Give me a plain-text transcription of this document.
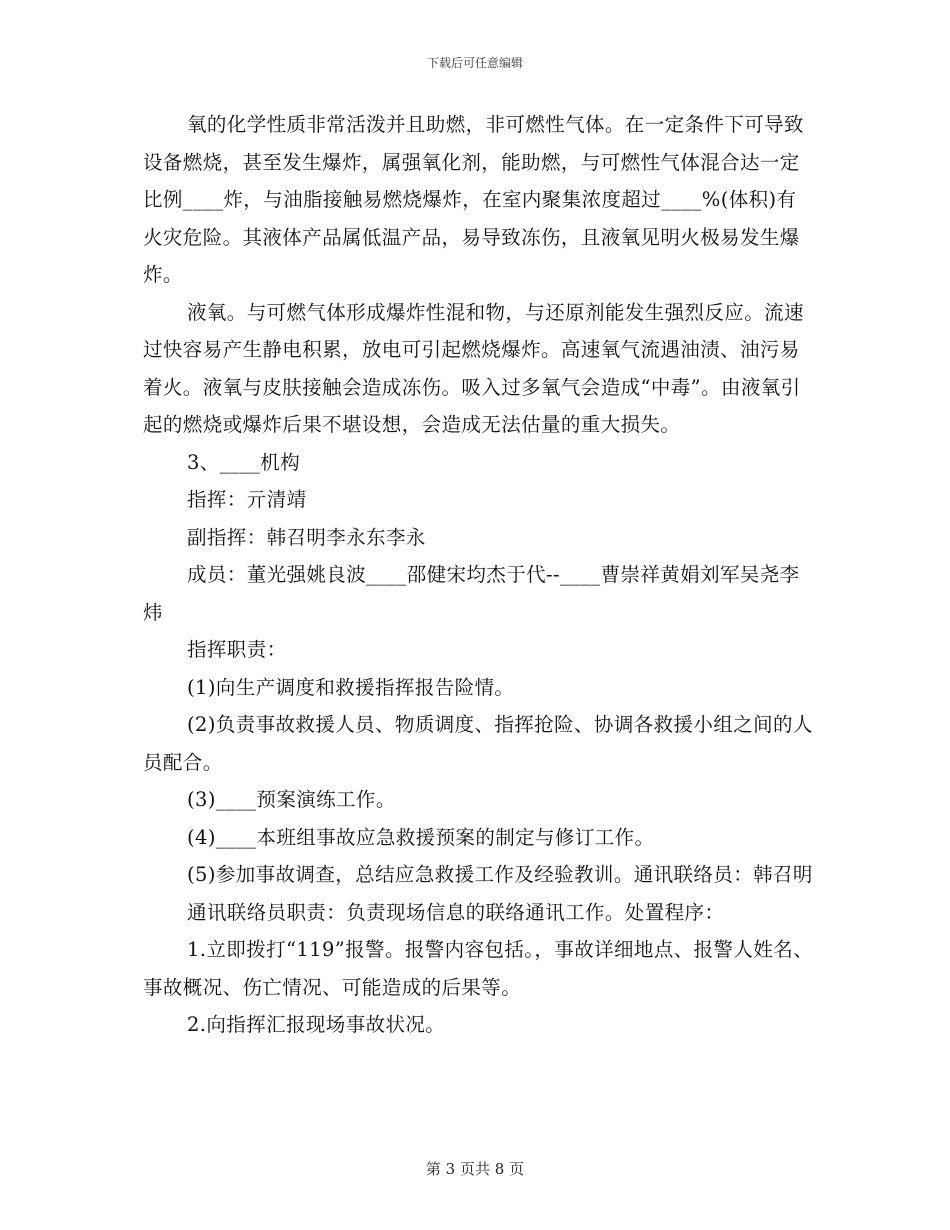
下载后可任意编辑

氧的化学性质非常活泼并且助燃，非可燃性气体。在一定条件下可导致设备燃烧，甚至发生爆炸，属强氧化剂，能助燃，与可燃性气体混合达一定比例____炸，与油脂接触易燃烧爆炸，在室内聚集浓度超过____%(体积)有火灾危险。其液体产品属低温产品，易导致冻伤，且液氧见明火极易发生爆炸。

液氧。与可燃气体形成爆炸性混和物，与还原剂能发生强烈反应。流速过快容易产生静电积累，放电可引起燃烧爆炸。高速氧气流遇油渍、油污易着火。液氧与皮肤接触会造成冻伤。吸入过多氧气会造成“中毒”。由液氧引起的燃烧或爆炸后果不堪设想，会造成无法估量的重大损失。

3、____机构

指挥：亓清靖

副指挥：韩召明李永东李永

成员：董光强姚良波____邵健宋均杰于代--____曹崇祥黄娟刘军吴尧李炜

指挥职责：

(1)向生产调度和救援指挥报告险情。

(2)负责事故救援人员、物质调度、指挥抢险、协调各救援小组之间的人员配合。

(3)____预案演练工作。

(4)____本班组事故应急救援预案的制定与修订工作。

(5)参加事故调查，总结应急救援工作及经验教训。通讯联络员：韩召明

通讯联络员职责：负责现场信息的联络通讯工作。处置程序：

1.立即拨打“119”报警。报警内容包括。，事故详细地点、报警人姓名、事故概况、伤亡情况、可能造成的后果等。

2.向指挥汇报现场事故状况。

第 3 页共 8 页
